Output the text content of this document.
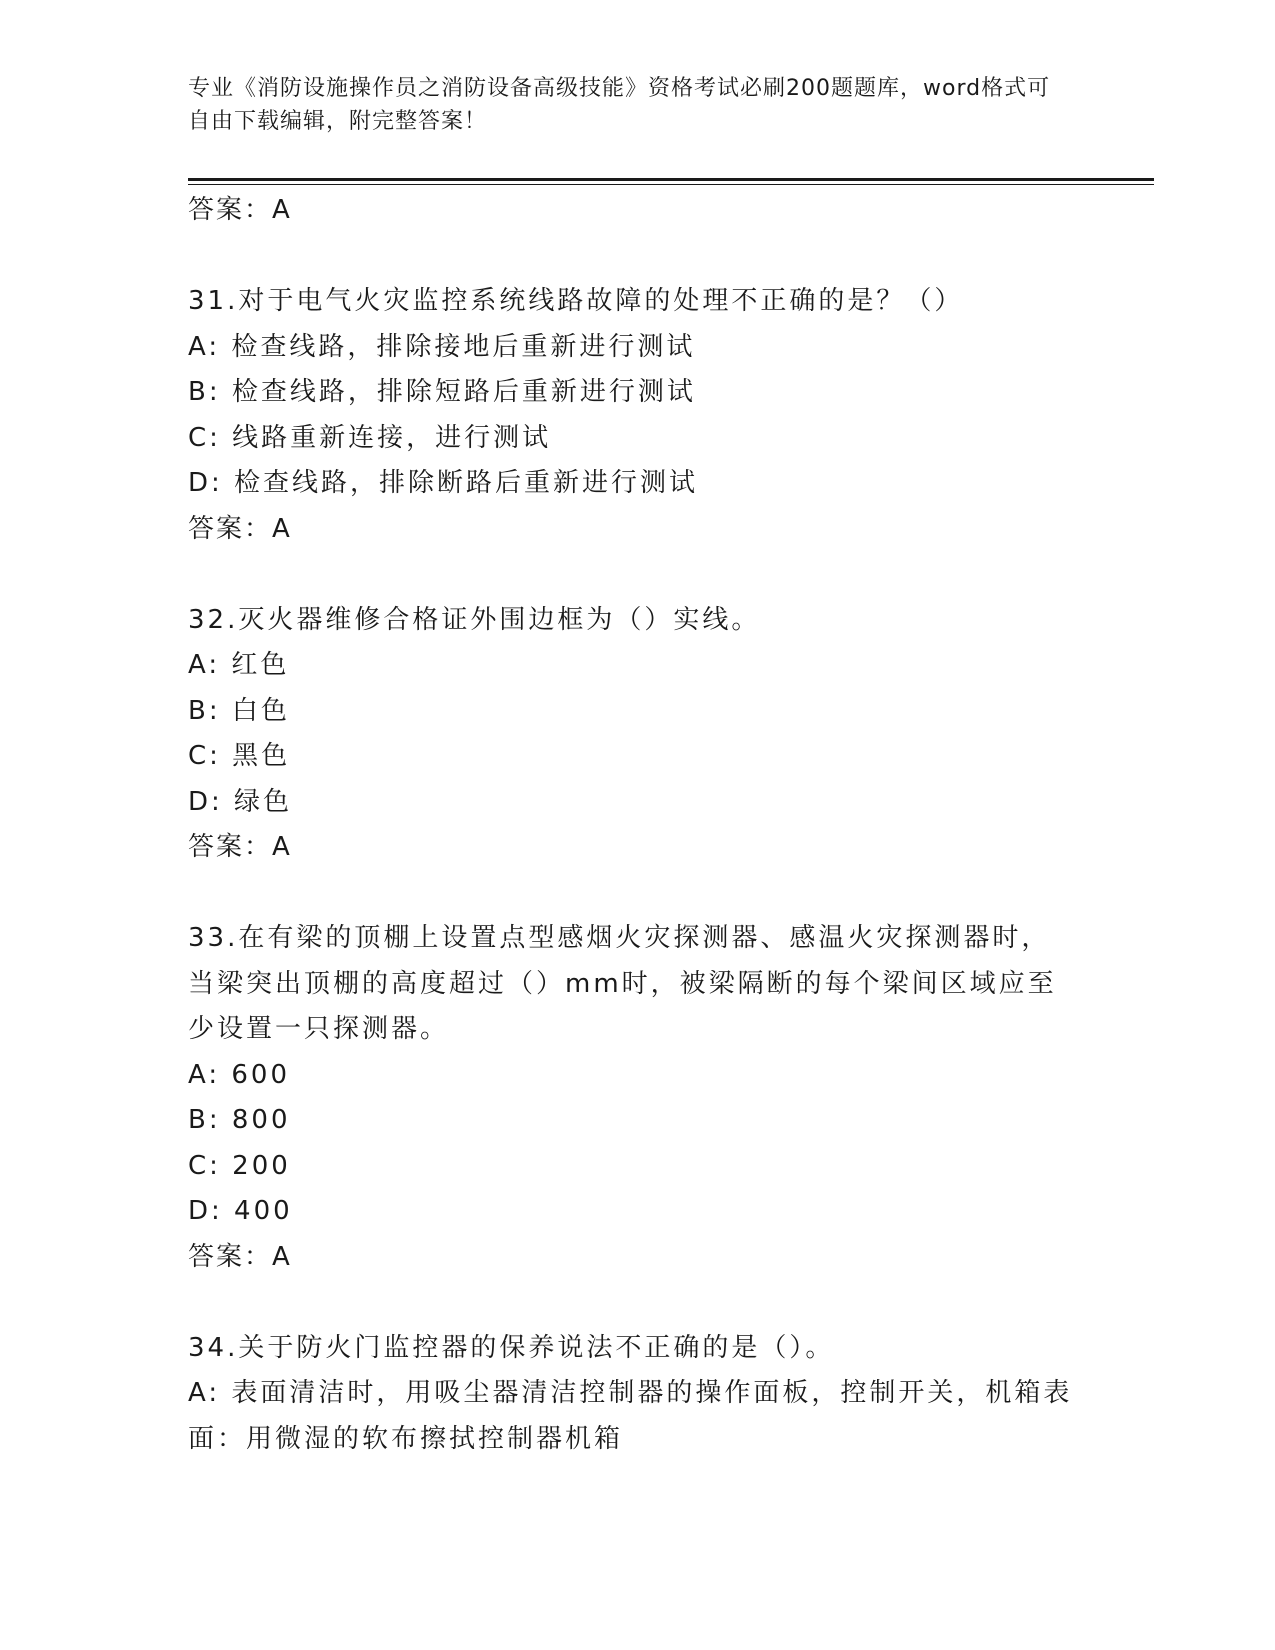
专业《消防设施操作员之消防设备高级技能》资格考试必刷200题题库，word格式可自由下载编辑，附完整答案！
答案：A
31.对于电气火灾监控系统线路故障的处理不正确的是？（）
A: 检查线路，排除接地后重新进行测试
B: 检查线路，排除短路后重新进行测试
C: 线路重新连接，进行测试
D: 检查线路，排除断路后重新进行测试
答案：A
32.灭火器维修合格证外围边框为（）实线。
A: 红色
B: 白色
C: 黑色
D: 绿色
答案：A
33.在有梁的顶棚上设置点型感烟火灾探测器、感温火灾探测器时，当梁突出顶棚的高度超过（）mm时，被梁隔断的每个梁间区域应至少设置一只探测器。
A: 600
B: 800
C: 200
D: 400
答案：A
34.关于防火门监控器的保养说法不正确的是（）。
A: 表面清洁时，用吸尘器清洁控制器的操作面板，控制开关，机箱表面：用微湿的软布擦拭控制器机箱
